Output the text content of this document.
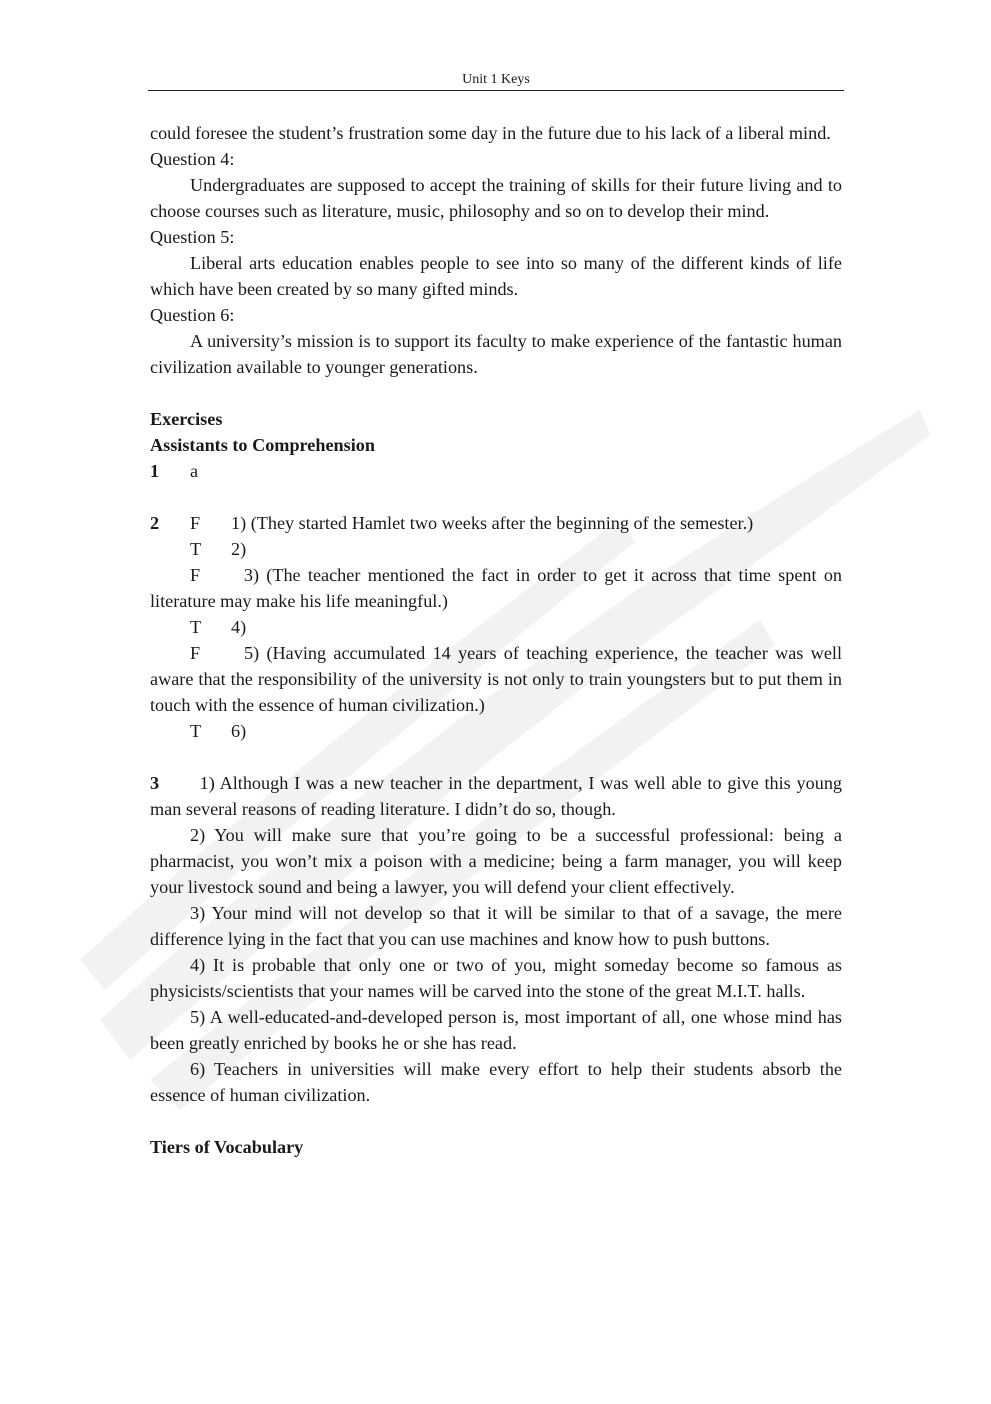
Unit 1 Keys

could foresee the student’s frustration some day in the future due to his lack of a liberal mind.

Question 4:

Undergraduates are supposed to accept the training of skills for their future living and to choose courses such as literature, music, philosophy and so on to develop their mind.

Question 5:

Liberal arts education enables people to see into so many of the different kinds of life which have been created by so many gifted minds.

Question 6:

A university’s mission is to support its faculty to make experience of the fantastic human civilization available to younger generations.

Exercises

Assistants to Comprehension

1 a
2 F 1) (They started Hamlet two weeks after the beginning of the semester.)
T 2)

F 3) (The teacher mentioned the fact in order to get it across that time spent on literature may make his life meaningful.)

T 4)

F 5) (Having accumulated 14 years of teaching experience, the teacher was well aware that the responsibility of the university is not only to train youngsters but to put them in touch with the essence of human civilization.)

T 6)

3 1) Although I was a new teacher in the department, I was well able to give this young man several reasons of reading literature. I didn’t do so, though.

2) You will make sure that you’re going to be a successful professional: being a pharmacist, you won’t mix a poison with a medicine; being a farm manager, you will keep your livestock sound and being a lawyer, you will defend your client effectively.

3) Your mind will not develop so that it will be similar to that of a savage, the mere difference lying in the fact that you can use machines and know how to push buttons.

4) It is probable that only one or two of you, might someday become so famous as physicists/scientists that your names will be carved into the stone of the great M.I.T. halls.

5) A well-educated-and-developed person is, most important of all, one whose mind has been greatly enriched by books he or she has read.

6) Teachers in universities will make every effort to help their students absorb the essence of human civilization.

Tiers of Vocabulary
